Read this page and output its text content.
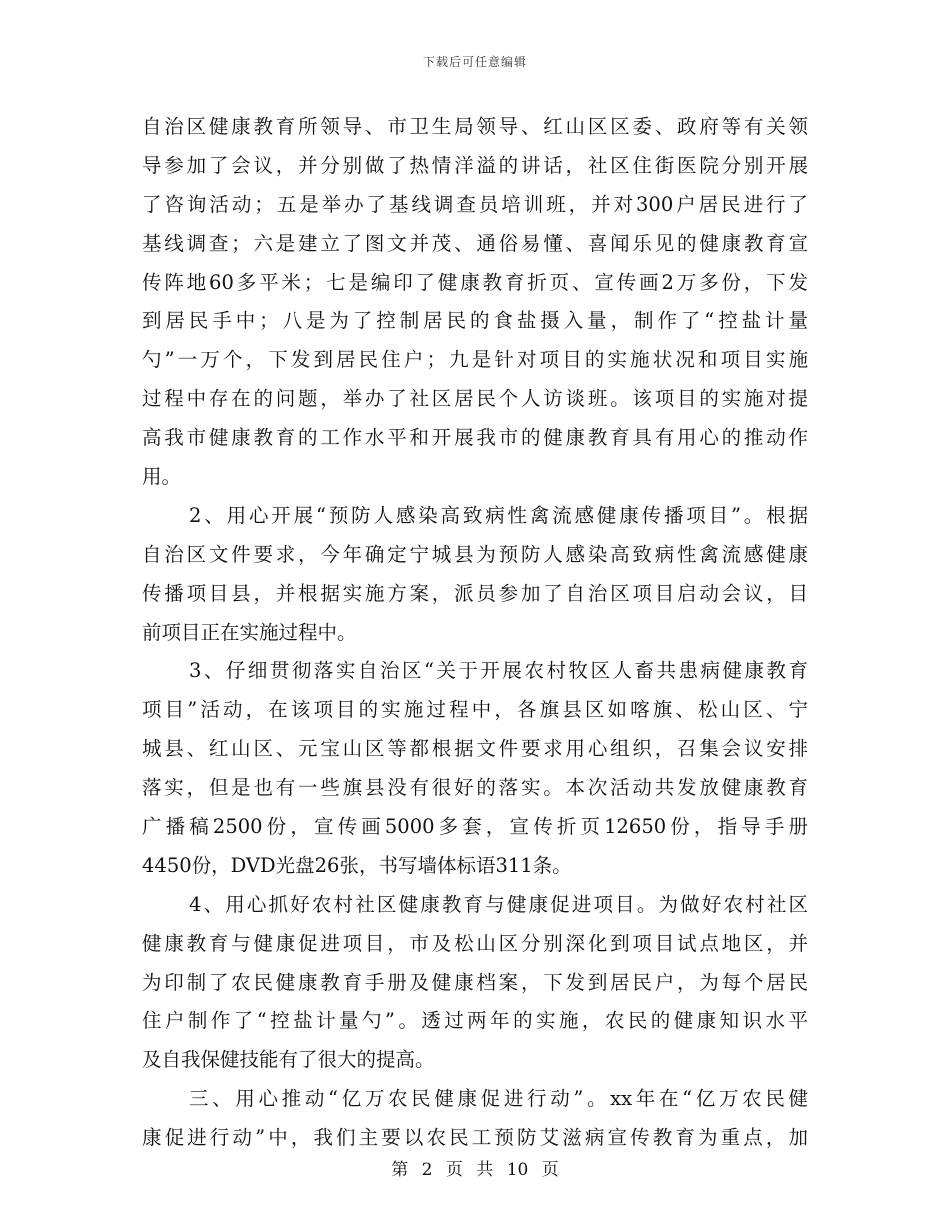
下载后可任意编辑
自治区健康教育所领导、市卫生局领导、红山区区委、政府等有关领
导参加了会议，并分别做了热情洋溢的讲话，社区住街医院分别开展
了咨询活动；五是举办了基线调查员培训班，并对300户居民进行了
基线调查；六是建立了图文并茂、通俗易懂、喜闻乐见的健康教育宣
传阵地60多平米；七是编印了健康教育折页、宣传画2万多份，下发
到居民手中；八是为了控制居民的食盐摄入量，制作了“控盐计量
勺”一万个，下发到居民住户；九是针对项目的实施状况和项目实施
过程中存在的问题，举办了社区居民个人访谈班。该项目的实施对提
高我市健康教育的工作水平和开展我市的健康教育具有用心的推动作
用。
2、用心开展“预防人感染高致病性禽流感健康传播项目”。根据
自治区文件要求，今年确定宁城县为预防人感染高致病性禽流感健康
传播项目县，并根据实施方案，派员参加了自治区项目启动会议，目
前项目正在实施过程中。
3、仔细贯彻落实自治区“关于开展农村牧区人畜共患病健康教育
项目”活动，在该项目的实施过程中，各旗县区如喀旗、松山区、宁
城县、红山区、元宝山区等都根据文件要求用心组织，召集会议安排
落实，但是也有一些旗县没有很好的落实。本次活动共发放健康教育
广播稿2500份，宣传画5000多套，宣传折页12650份，指导手册
4450份，DVD光盘26张，书写墙体标语311条。
4、用心抓好农村社区健康教育与健康促进项目。为做好农村社区
健康教育与健康促进项目，市及松山区分别深化到项目试点地区，并
为印制了农民健康教育手册及健康档案，下发到居民户，为每个居民
住户制作了“控盐计量勺”。透过两年的实施，农民的健康知识水平
及自我保健技能有了很大的提高。
三、用心推动“亿万农民健康促进行动”。xx年在“亿万农民健
康促进行动”中，我们主要以农民工预防艾滋病宣传教育为重点，加
第 2 页 共 10 页
